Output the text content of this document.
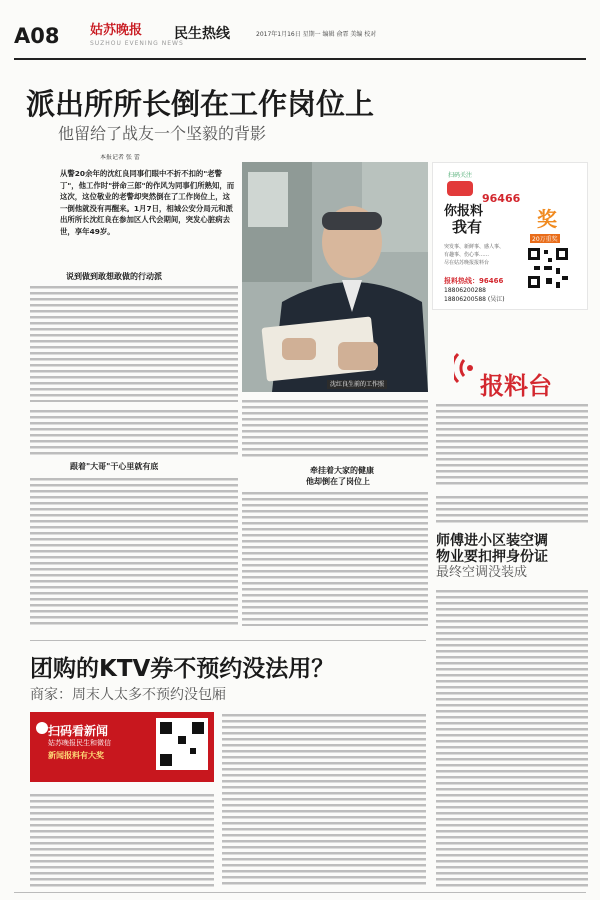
A08 姑苏晚报
SUZHOU EVENING NEWS
民生热线	2017年1月16日 星期一 编辑 俞霏 美编 校对
派出所所长倒在工作岗位上
他留给了战友一个坚毅的背影
本报记者 张 蕾
从警20余年的沈红良同事们眼中不折不扣的"老警丁"，他工作时"拼命三郎"的作风为同事们所熟知，而这次，这位敬业的老警却突然倒在了工作岗位上，这一倒他就没有再醒来。1月7日，相城公安分局元和派出所所长沈红良在参加区人代会期间，突发心脏病去世，享年49岁。
说到做到敢想敢做的行动派
跟着"大哥"干心里就有底
沈红良生前的工作照
牵挂着大家的健康
他却倒在了岗位上
扫码关注
你报料
96466
我有	奖
20万重奖
突发事、新鲜事、感人事、
有趣事、伤心事……
尽在姑苏晚报报料台
报料热线：96466
18806200288
18806200588 (吴江)
报料台
师傅进小区装空调
物业要扣押身份证
最终空调没装成
团购的KTV券不预约没法用？
商家：周末人太多不预约没包厢
扫码看新闻
姑苏晚报民生和微信
新闻报料有大奖
